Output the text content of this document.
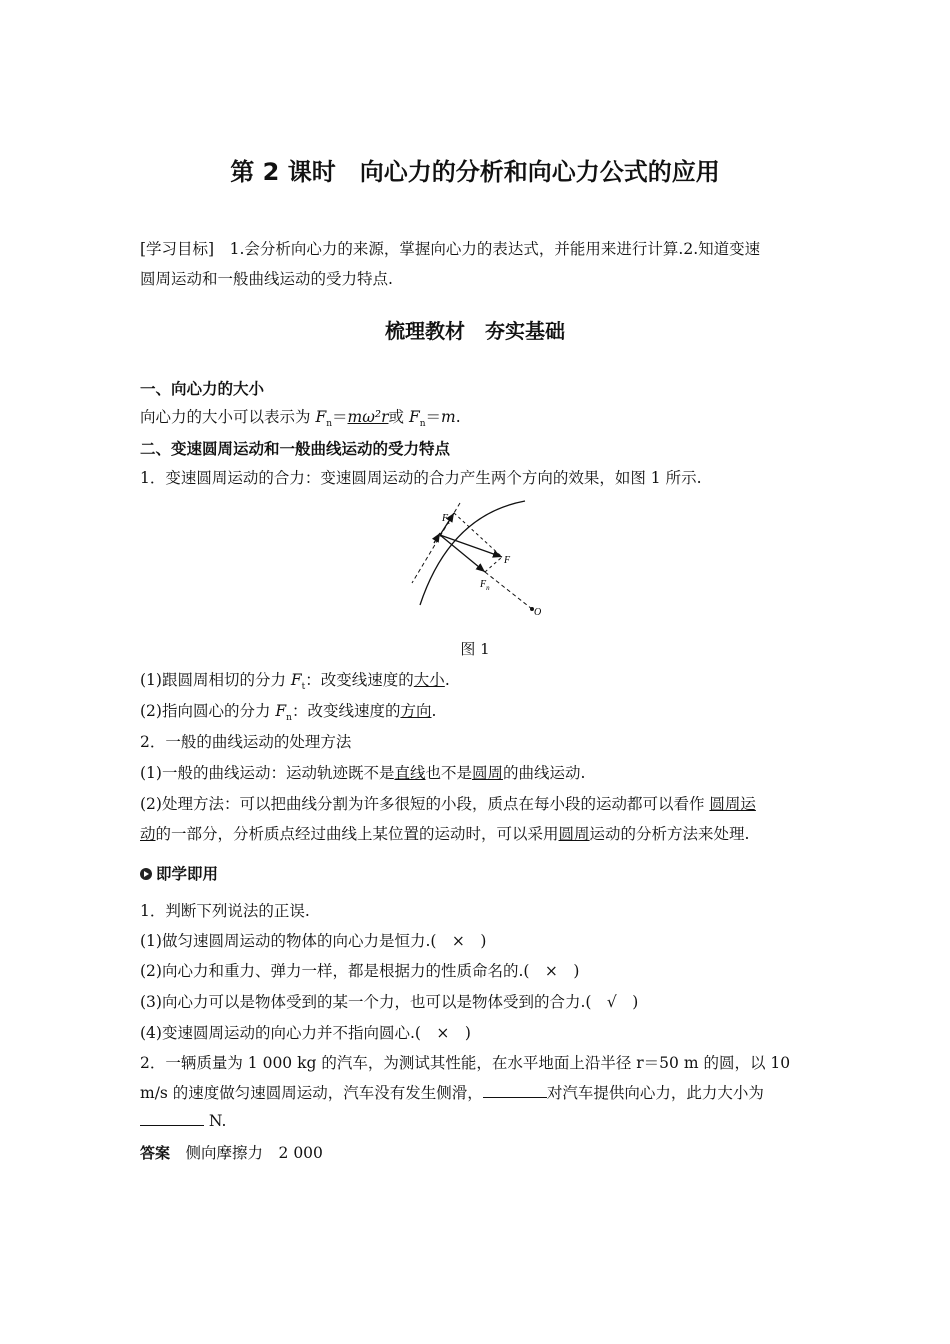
第 2 课时　向心力的分析和向心力公式的应用
[学习目标]　 1.会分析向心力的来源，掌握向心力的表达式，并能用来进行计算.2.知道变速
圆周运动和一般曲线运动的受力特点.
梳理教材　夯实基础
一、向心力的大小
向心力的大小可以表示为 $F_n=m\omega^2r$或 $F_n=m$.
二、变速圆周运动和一般曲线运动的受力特点
1．变速圆周运动的合力：变速圆周运动的合力产生两个方向的效果，如图 1 所示.
$F_t$
F
$F_n$
O
图 1
(1)跟圆周相切的分力 $F_t$：改变线速度的大小.
(2)指向圆心的分力 $F_n$：改变线速度的方向.
2．一般的曲线运动的处理方法
(1)一般的曲线运动：运动轨迹既不是直线也不是圆周的曲线运动.
(2)处理方法：可以把曲线分割为许多很短的小段，质点在每小段的运动都可以看作 圆周运
动的一部分，分析质点经过曲线上某位置的运动时，可以采用圆周运动的分析方法来处理.
即学即用
1．判断下列说法的正误.
(1)做匀速圆周运动的物体的向心力是恒力.(　×　)
(2)向心力和重力、弹力一样，都是根据力的性质命名的.(　×　)
(3)向心力可以是物体受到的某一个力，也可以是物体受到的合力.(　√　)
(4)变速圆周运动的向心力并不指向圆心.(　×　)
2．一辆质量为 1 000 kg 的汽车，为测试其性能，在水平地面上沿半径 r＝50 m 的圆，以 10
m/s 的速度做匀速圆周运动，汽车没有发生侧滑，	对汽车提供向心力，此力大小为
N.
答案　 侧向摩擦力　2 000
